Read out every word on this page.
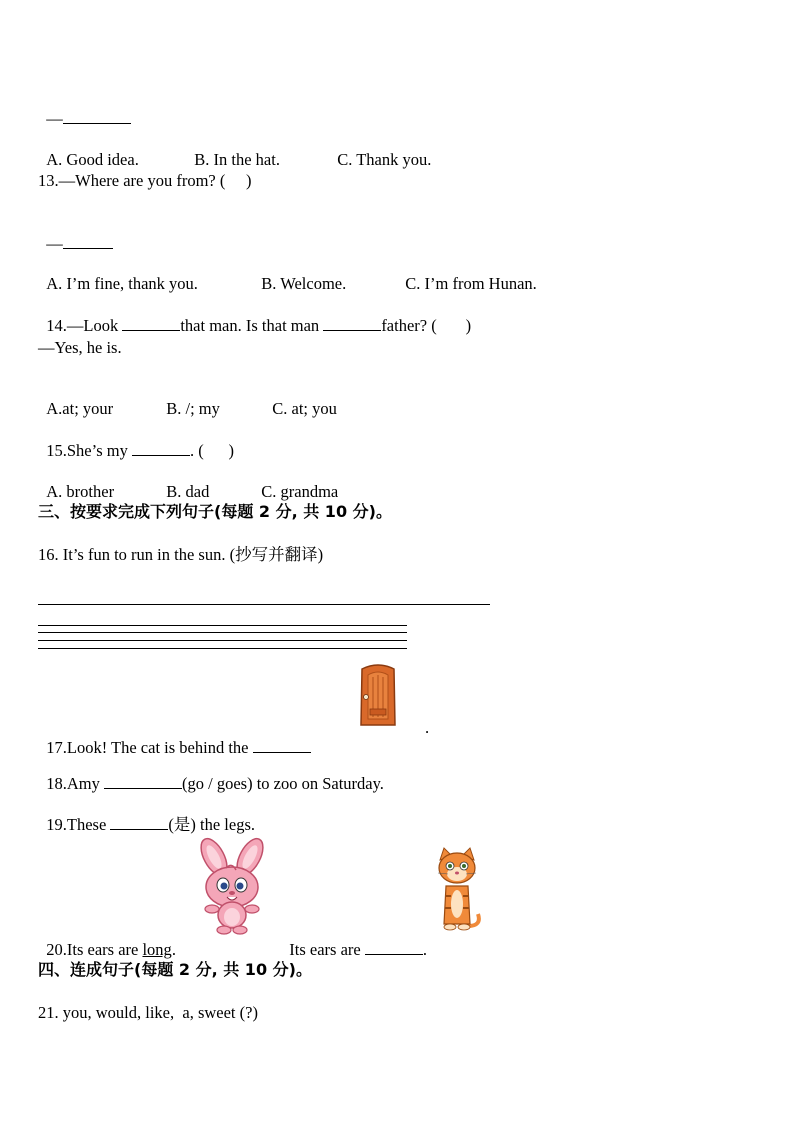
—

A. Good idea.	B. In the hat.	C. Thank you.

13.—Where are you from? (     )

—

A. I’m fine, thank you.	B. Welcome.	C. I’m from Hunan.

14.—Look	that man. Is that man	father? (       )

—Yes, he is.

A.at; your	B. /; my	C. at; you

15.She’s my	. (      )

A. brother	B. dad	C. grandma

三、按要求完成下列句子(每题 2 分, 共 10 分)。
16. It’s fun to run in the sun. (抄写并翻译)

17.Look! The cat is behind the

.

18.Amy	(go / goes) to zoo on Saturday.

19.These	(是) the legs.

20.Its ears are long.	Its ears are	.

四、连成句子(每题 2 分, 共 10 分)。
21. you, would, like,  a, sweet (?)
